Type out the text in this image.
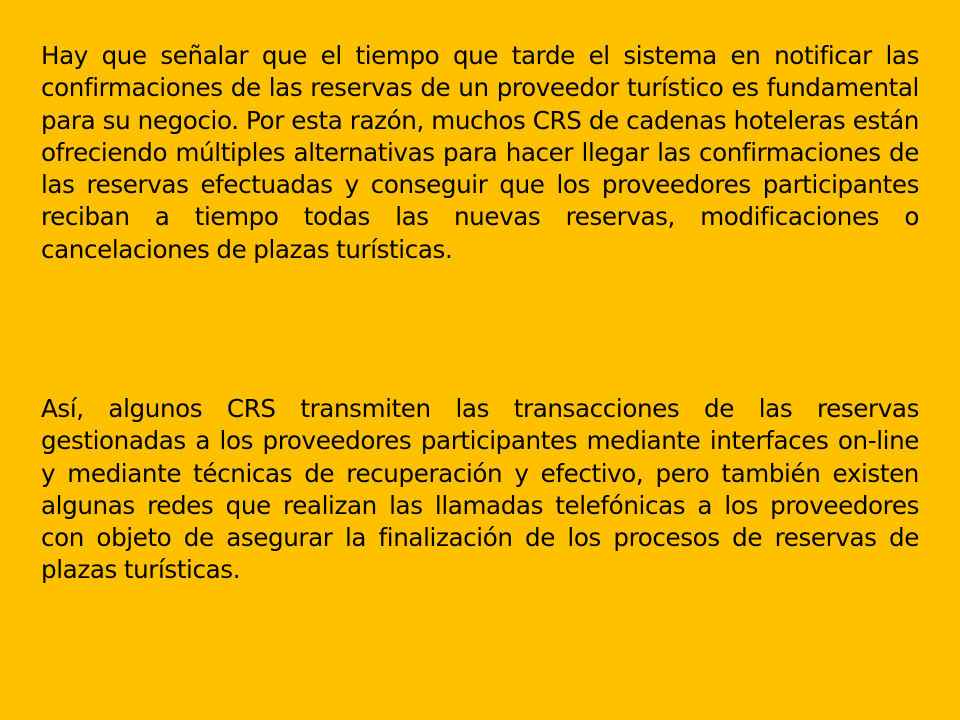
Hay que señalar que el tiempo que tarde el sistema en notificar las confirmaciones de las reservas de un proveedor turístico es fundamental para su negocio. Por esta razón, muchos CRS de cadenas hoteleras están ofreciendo múltiples alternativas para hacer llegar las confirmaciones de las reservas efectuadas y conseguir que los proveedores participantes reciban a tiempo todas las nuevas reservas, modificaciones o cancelaciones de plazas turísticas.

Así, algunos CRS transmiten las transacciones de las reservas gestionadas a los proveedores participantes mediante interfaces on-line y mediante técnicas de recuperación y efectivo, pero también existen algunas redes que realizan las llamadas telefónicas a los proveedores con objeto de asegurar la finalización de los procesos de reservas de plazas turísticas.
